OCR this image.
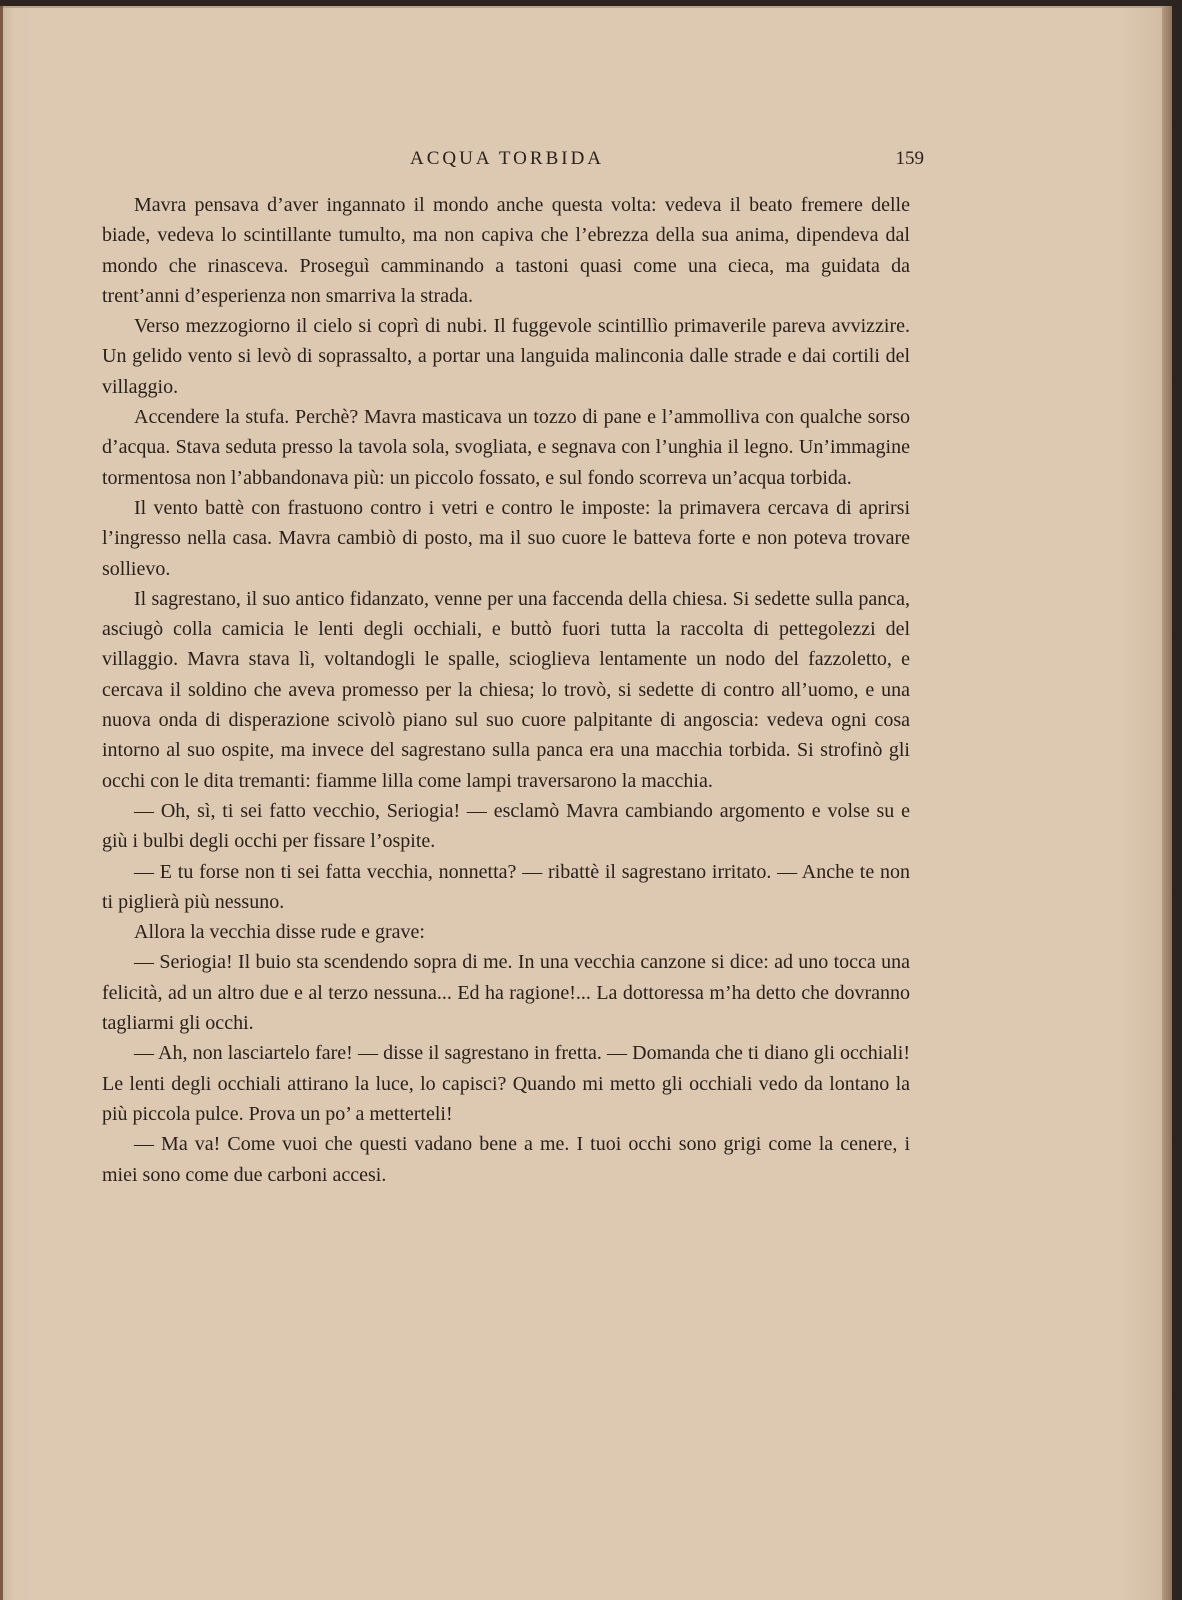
ACQUA TORBIDA	159

Mavra pensava d’aver ingannato il mondo anche questa volta: vedeva il beato fremere delle biade, vedeva lo scintillante tumulto, ma non capiva che l’ebrezza della sua anima, dipendeva dal mondo che rinasceva. Proseguì camminando a tastoni quasi come una cieca, ma guidata da trent’anni d’esperienza non smarriva la strada.

Verso mezzogiorno il cielo si coprì di nubi. Il fuggevole scintillìo primaverile pareva avvizzire. Un gelido vento si levò di soprassalto, a portar una languida malinconia dalle strade e dai cortili del villaggio.

Accendere la stufa. Perchè? Mavra masticava un tozzo di pane e l’ammolliva con qualche sorso d’acqua. Stava seduta presso la tavola sola, svogliata, e segnava con l’unghia il legno. Un’immagine tormentosa non l’abbandonava più: un piccolo fossato, e sul fondo scorreva un’acqua torbida.

Il vento battè con frastuono contro i vetri e contro le imposte: la primavera cercava di aprirsi l’ingresso nella casa. Mavra cambiò di posto, ma il suo cuore le batteva forte e non poteva trovare sollievo.

Il sagrestano, il suo antico fidanzato, venne per una faccenda della chiesa. Si sedette sulla panca, asciugò colla camicia le lenti degli occhiali, e buttò fuori tutta la raccolta di pettegolezzi del villaggio. Mavra stava lì, voltandogli le spalle, scioglieva lentamente un nodo del fazzoletto, e cercava il soldino che aveva promesso per la chiesa; lo trovò, si sedette di contro all’uomo, e una nuova onda di disperazione scivolò piano sul suo cuore palpitante di angoscia: vedeva ogni cosa intorno al suo ospite, ma invece del sagrestano sulla panca era una macchia torbida. Si strofinò gli occhi con le dita tremanti: fiamme lilla come lampi traversarono la macchia.

— Oh, sì, ti sei fatto vecchio, Seriogia! — esclamò Mavra cambiando argomento e volse su e giù i bulbi degli occhi per fissare l’ospite.

— E tu forse non ti sei fatta vecchia, nonnetta? — ribattè il sagrestano irritato. — Anche te non ti piglierà più nessuno.

Allora la vecchia disse rude e grave:

— Seriogia! Il buio sta scendendo sopra di me. In una vecchia canzone si dice: ad uno tocca una felicità, ad un altro due e al terzo nessuna... Ed ha ragione!... La dottoressa m’ha detto che dovranno tagliarmi gli occhi.

— Ah, non lasciartelo fare! — disse il sagrestano in fretta. — Domanda che ti diano gli occhiali! Le lenti degli occhiali attirano la luce, lo capisci? Quando mi metto gli occhiali vedo da lontano la più piccola pulce. Prova un po’ a metterteli!

— Ma va! Come vuoi che questi vadano bene a me. I tuoi occhi sono grigi come la cenere, i miei sono come due carboni accesi.
